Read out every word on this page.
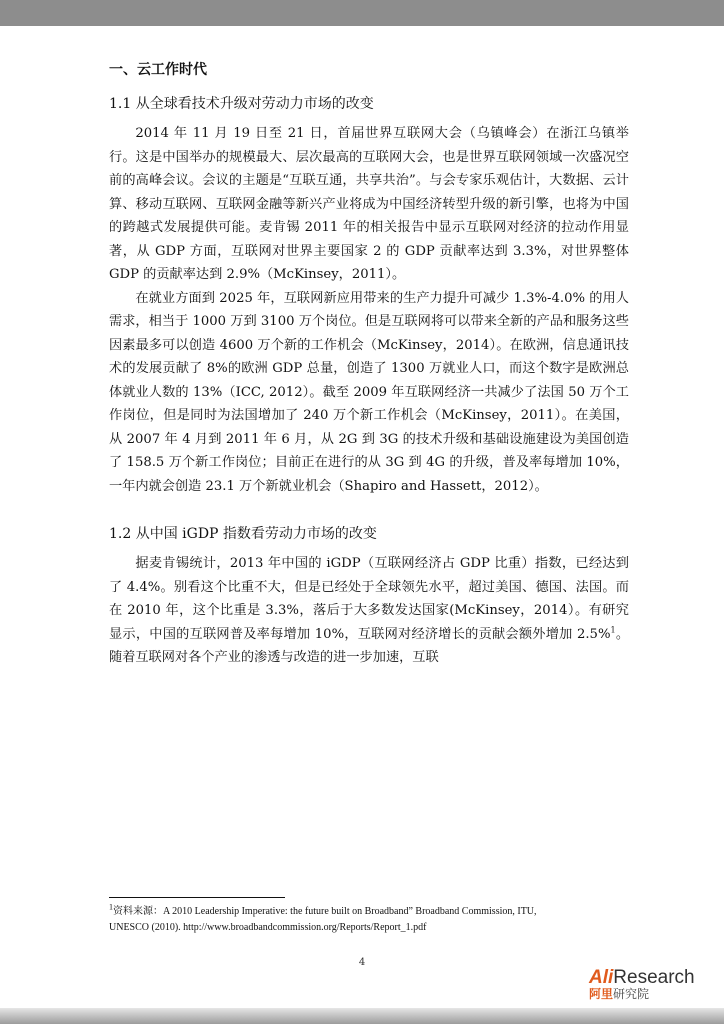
一、云工作时代
1.1 从全球看技术升级对劳动力市场的改变

2014 年 11 月 19 日至 21 日，首届世界互联网大会（乌镇峰会）在浙江乌镇举行。这是中国举办的规模最大、层次最高的互联网大会，也是世界互联网领域一次盛况空前的高峰会议。会议的主题是“互联互通，共享共治”。与会专家乐观估计，大数据、云计算、移动互联网、互联网金融等新兴产业将成为中国经济转型升级的新引擎，也将为中国的跨越式发展提供可能。麦肯锡 2011 年的相关报告中显示互联网对经济的拉动作用显著，从 GDP 方面，互联网对世界主要国家 2 的 GDP 贡献率达到 3.3%，对世界整体 GDP 的贡献率达到 2.9%（McKinsey，2011）。

在就业方面到 2025 年，互联网新应用带来的生产力提升可减少 1.3%-4.0% 的用人需求，相当于 1000 万到 3100 万个岗位。但是互联网将可以带来全新的产品和服务这些因素最多可以创造 4600 万个新的工作机会（McKinsey，2014）。在欧洲，信息通讯技术的发展贡献了 8%的欧洲 GDP 总量，创造了 1300 万就业人口，而这个数字是欧洲总体就业人数的 13%（ICC, 2012）。截至 2009 年互联网经济一共减少了法国 50 万个工作岗位，但是同时为法国增加了 240 万个新工作机会（McKinsey，2011）。在美国，从 2007 年 4 月到 2011 年 6 月，从 2G 到 3G 的技术升级和基础设施建设为美国创造了 158.5 万个新工作岗位；目前正在进行的从 3G 到 4G 的升级，普及率每增加 10%，一年内就会创造 23.1 万个新就业机会（Shapiro and Hassett，2012）。

1.2 从中国 iGDP 指数看劳动力市场的改变

据麦肯锡统计，2013 年中国的 iGDP（互联网经济占 GDP 比重）指数，已经达到了 4.4%。别看这个比重不大，但是已经处于全球领先水平，超过美国、德国、法国。而在 2010 年，这个比重是 3.3%，落后于大多数发达国家(McKinsey，2014）。有研究显示，中国的互联网普及率每增加 10%，互联网对经济增长的贡献会额外增加 2.5%$^1$。随着互联网对各个产业的渗透与改造的进一步加速，互联

$^1$资料来源：A 2010 Leadership Imperative: the future built on Broadband” Broadband Commission, ITU,
UNESCO (2010). http://www.broadbandcommission.org/Reports/Report_1.pdf
4
AliResearch
阿里研究院
